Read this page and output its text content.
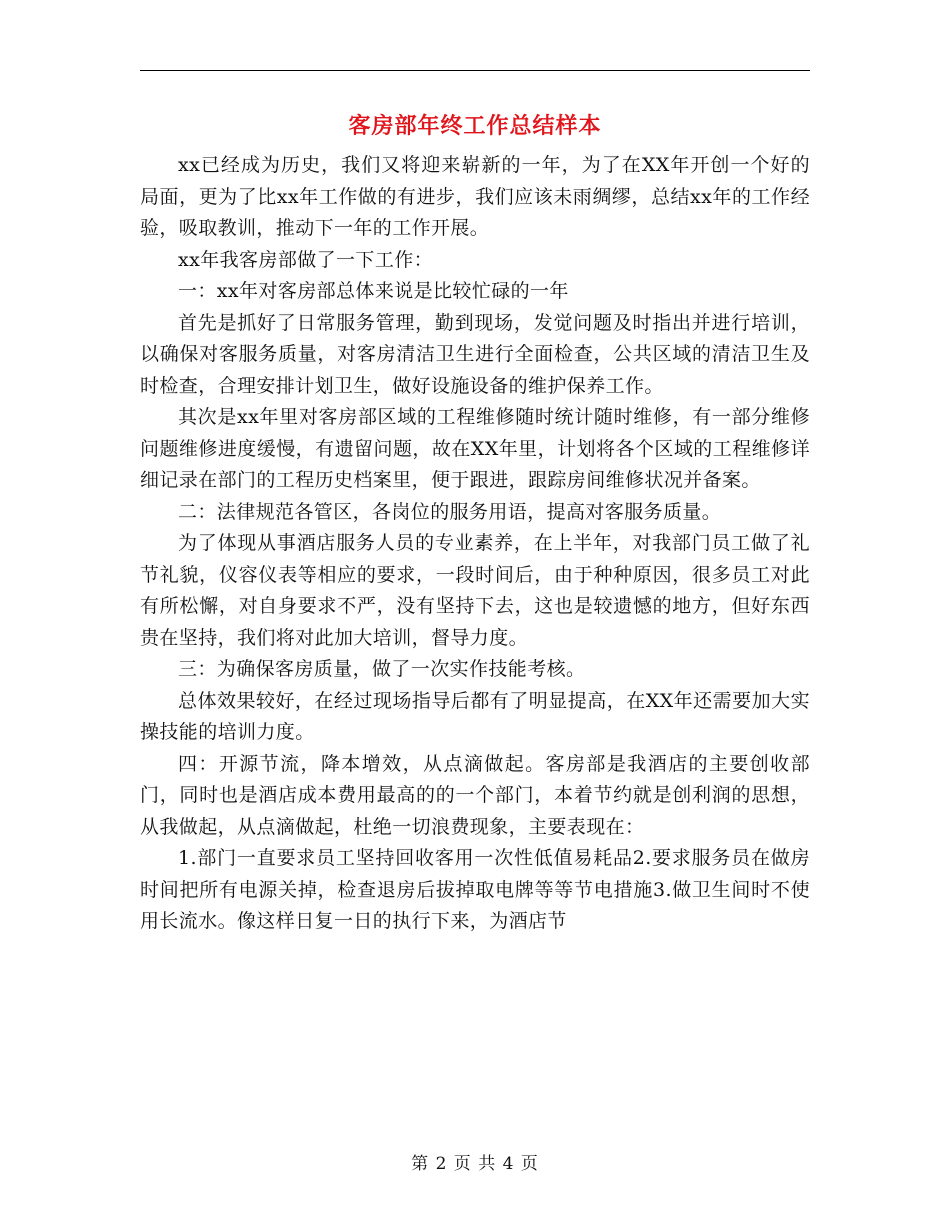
客房部年终工作总结样本

xx已经成为历史，我们又将迎来崭新的一年，为了在XX年开创一个好的局面，更为了比xx年工作做的有进步，我们应该未雨绸缪，总结xx年的工作经验，吸取教训，推动下一年的工作开展。

xx年我客房部做了一下工作：

一：xx年对客房部总体来说是比较忙碌的一年

首先是抓好了日常服务管理，勤到现场，发觉问题及时指出并进行培训，以确保对客服务质量，对客房清洁卫生进行全面检查，公共区域的清洁卫生及时检查，合理安排计划卫生，做好设施设备的维护保养工作。

其次是xx年里对客房部区域的工程维修随时统计随时维修，有一部分维修问题维修进度缓慢，有遗留问题，故在XX年里，计划将各个区域的工程维修详细记录在部门的工程历史档案里，便于跟进，跟踪房间维修状况并备案。

二：法律规范各管区，各岗位的服务用语，提高对客服务质量。

为了体现从事酒店服务人员的专业素养，在上半年，对我部门员工做了礼节礼貌，仪容仪表等相应的要求，一段时间后，由于种种原因，很多员工对此有所松懈，对自身要求不严，没有坚持下去，这也是较遗憾的地方，但好东西贵在坚持，我们将对此加大培训，督导力度。

三：为确保客房质量，做了一次实作技能考核。

总体效果较好，在经过现场指导后都有了明显提高，在XX年还需要加大实操技能的培训力度。

四：开源节流，降本增效，从点滴做起。客房部是我酒店的主要创收部门，同时也是酒店成本费用最高的的一个部门，本着节约就是创利润的思想，从我做起，从点滴做起，杜绝一切浪费现象，主要表现在：

1.部门一直要求员工坚持回收客用一次性低值易耗品2.要求服务员在做房时间把所有电源关掉，检查退房后拔掉取电牌等等节电措施3.做卫生间时不使用长流水。像这样日复一日的执行下来，为酒店节

第 2 页 共 4 页
